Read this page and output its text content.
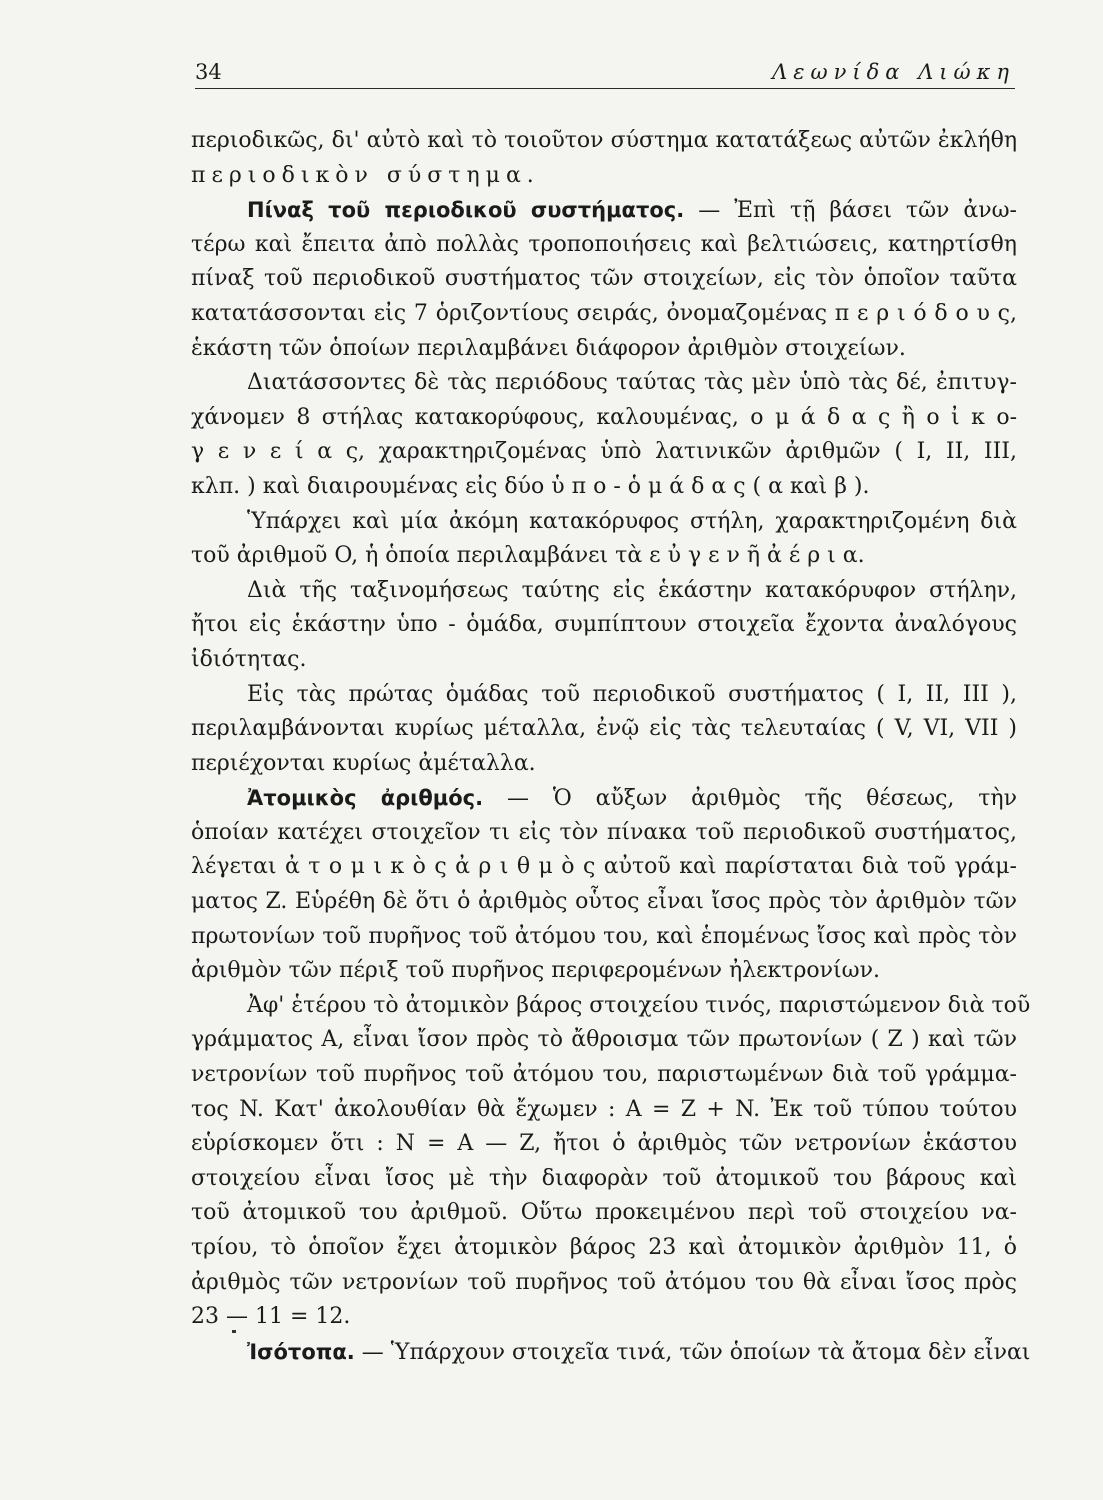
34	Λεωνίδα Λιώκη
περιοδικῶς, δι' αὐτὸ καὶ τὸ τοιοῦτον σύστημα κατατάξεως αὐτῶν ἐκλήθη
περιοδικὸν σύστημα.
Πίναξ τοῦ περιοδικοῦ συστήματος. — Ἐπὶ τῇ βάσει τῶν ἀνω-
τέρω καὶ ἔπειτα ἀπὸ πολλὰς τροποποιήσεις καὶ βελτιώσεις, κατηρτίσθη
πίναξ τοῦ περιοδικοῦ συστήματος τῶν στοιχείων, εἰς τὸν ὁποῖον ταῦτα
κατατάσσονται εἰς 7 ὁριζοντίους σειράς, ὀνομαζομένας π ε ρ ι ό δ ο υ ς,
ἑκάστη τῶν ὁποίων περιλαμβάνει διάφορον ἀριθμὸν στοιχείων.
Διατάσσοντες δὲ τὰς περιόδους ταύτας τὰς μὲν ὑπὸ τὰς δέ, ἐπιτυγ-
χάνομεν 8 στήλας κατακορύφους, καλουμένας, ο μ ά δ α ς ἢ ο ἰ κ ο-
γ ε ν ε ί α ς, χαρακτηριζομένας ὑπὸ λατινικῶν ἀριθμῶν ( I, II, III,
κλπ. ) καὶ διαιρουμένας εἰς δύο ὑ π ο - ὁ μ ά δ α ς ( α καὶ β ).
Ὑπάρχει καὶ μία ἀκόμη κατακόρυφος στήλη, χαρακτηριζομένη διὰ
τοῦ ἀριθμοῦ O, ἡ ὁποία περιλαμβάνει τὰ ε ὐ γ ε ν ῆ ἀ έ ρ ι α.
Διὰ τῆς ταξινομήσεως ταύτης εἰς ἑκάστην κατακόρυφον στήλην,
ἤτοι εἰς ἑκάστην ὑπο - ὁμάδα, συμπίπτουν στοιχεῖα ἔχοντα ἀναλόγους
ἰδιότητας.
Εἰς τὰς πρώτας ὁμάδας τοῦ περιοδικοῦ συστήματος ( I, II, III ),
περιλαμβάνονται κυρίως μέταλλα, ἐνῷ εἰς τὰς τελευταίας ( V, VI, VII )
περιέχονται κυρίως ἀμέταλλα.
Ἀτομικὸς ἀριθμός. — Ὁ αὔξων ἀριθμὸς τῆς θέσεως, τὴν
ὁποίαν κατέχει στοιχεῖον τι εἰς τὸν πίνακα τοῦ περιοδικοῦ συστήματος,
λέγεται ἀ τ ο μ ι κ ὸ ς ἀ ρ ι θ μ ὸ ς αὐτοῦ καὶ παρίσταται διὰ τοῦ γράμ-
ματος Z. Εὑρέθη δὲ ὅτι ὁ ἀριθμὸς οὗτος εἶναι ἴσος πρὸς τὸν ἀριθμὸν τῶν
πρωτονίων τοῦ πυρῆνος τοῦ ἀτόμου του, καὶ ἑπομένως ἴσος καὶ πρὸς τὸν
ἀριθμὸν τῶν πέριξ τοῦ πυρῆνος περιφερομένων ἠλεκτρονίων.
Ἀφ' ἑτέρου τὸ ἀτομικὸν βάρος στοιχείου τινός, παριστώμενον διὰ τοῦ
γράμματος A, εἶναι ἴσον πρὸς τὸ ἄθροισμα τῶν πρωτονίων ( Z ) καὶ τῶν
νετρονίων τοῦ πυρῆνος τοῦ ἀτόμου του, παριστωμένων διὰ τοῦ γράμμα-
τος N. Κατ' ἀκολουθίαν θὰ ἔχωμεν : A = Z + N. Ἐκ τοῦ τύπου τούτου
εὑρίσκομεν ὅτι : N = A — Z, ἤτοι ὁ ἀριθμὸς τῶν νετρονίων ἑκάστου
στοιχείου εἶναι ἴσος μὲ τὴν διαφορὰν τοῦ ἀτομικοῦ του βάρους καὶ
τοῦ ἀτομικοῦ του ἀριθμοῦ. Οὕτω προκειμένου περὶ τοῦ στοιχείου να-
τρίου, τὸ ὁποῖον ἔχει ἀτομικὸν βάρος 23 καὶ ἀτομικὸν ἀριθμὸν 11, ὁ
ἀριθμὸς τῶν νετρονίων τοῦ πυρῆνος τοῦ ἀτόμου του θὰ εἶναι ἴσος πρὸς
23 — 11 = 12.
Ἰσότοπα. — Ὑπάρχουν στοιχεῖα τινά, τῶν ὁποίων τὰ ἄτομα δὲν εἶναι
